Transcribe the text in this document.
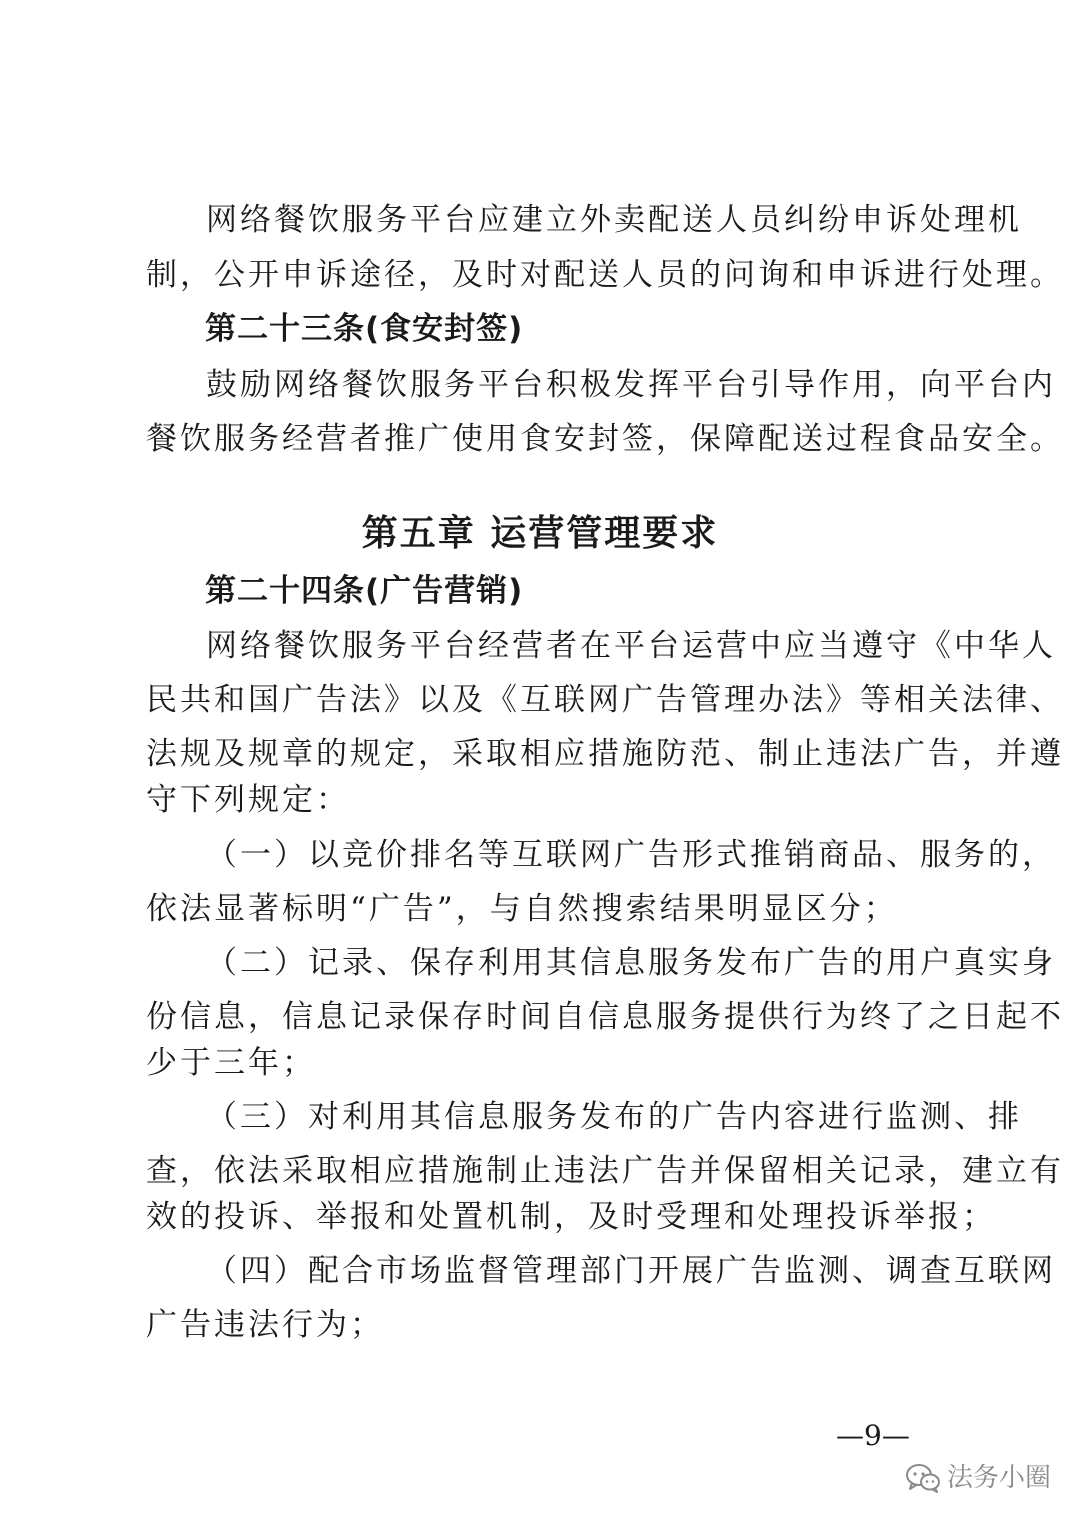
网络餐饮服务平台应建立外卖配送人员纠纷申诉处理机
制，公开申诉途径，及时对配送人员的问询和申诉进行处理。
第二十三条(食安封签)
鼓励网络餐饮服务平台积极发挥平台引导作用，向平台内
餐饮服务经营者推广使用食安封签，保障配送过程食品安全。
第五章 运营管理要求
第二十四条(广告营销)
网络餐饮服务平台经营者在平台运营中应当遵守《中华人
民共和国广告法》以及《互联网广告管理办法》等相关法律、
法规及规章的规定，采取相应措施防范、制止违法广告，并遵
守下列规定：
（一）以竞价排名等互联网广告形式推销商品、服务的，
依法显著标明“广告”，与自然搜索结果明显区分；
（二）记录、保存利用其信息服务发布广告的用户真实身
份信息，信息记录保存时间自信息服务提供行为终了之日起不
少于三年；
（三）对利用其信息服务发布的广告内容进行监测、排
查，依法采取相应措施制止违法广告并保留相关记录，建立有
效的投诉、举报和处置机制，及时受理和处理投诉举报；
（四）配合市场监督管理部门开展广告监测、调查互联网
广告违法行为；
—9—
法务小圈
